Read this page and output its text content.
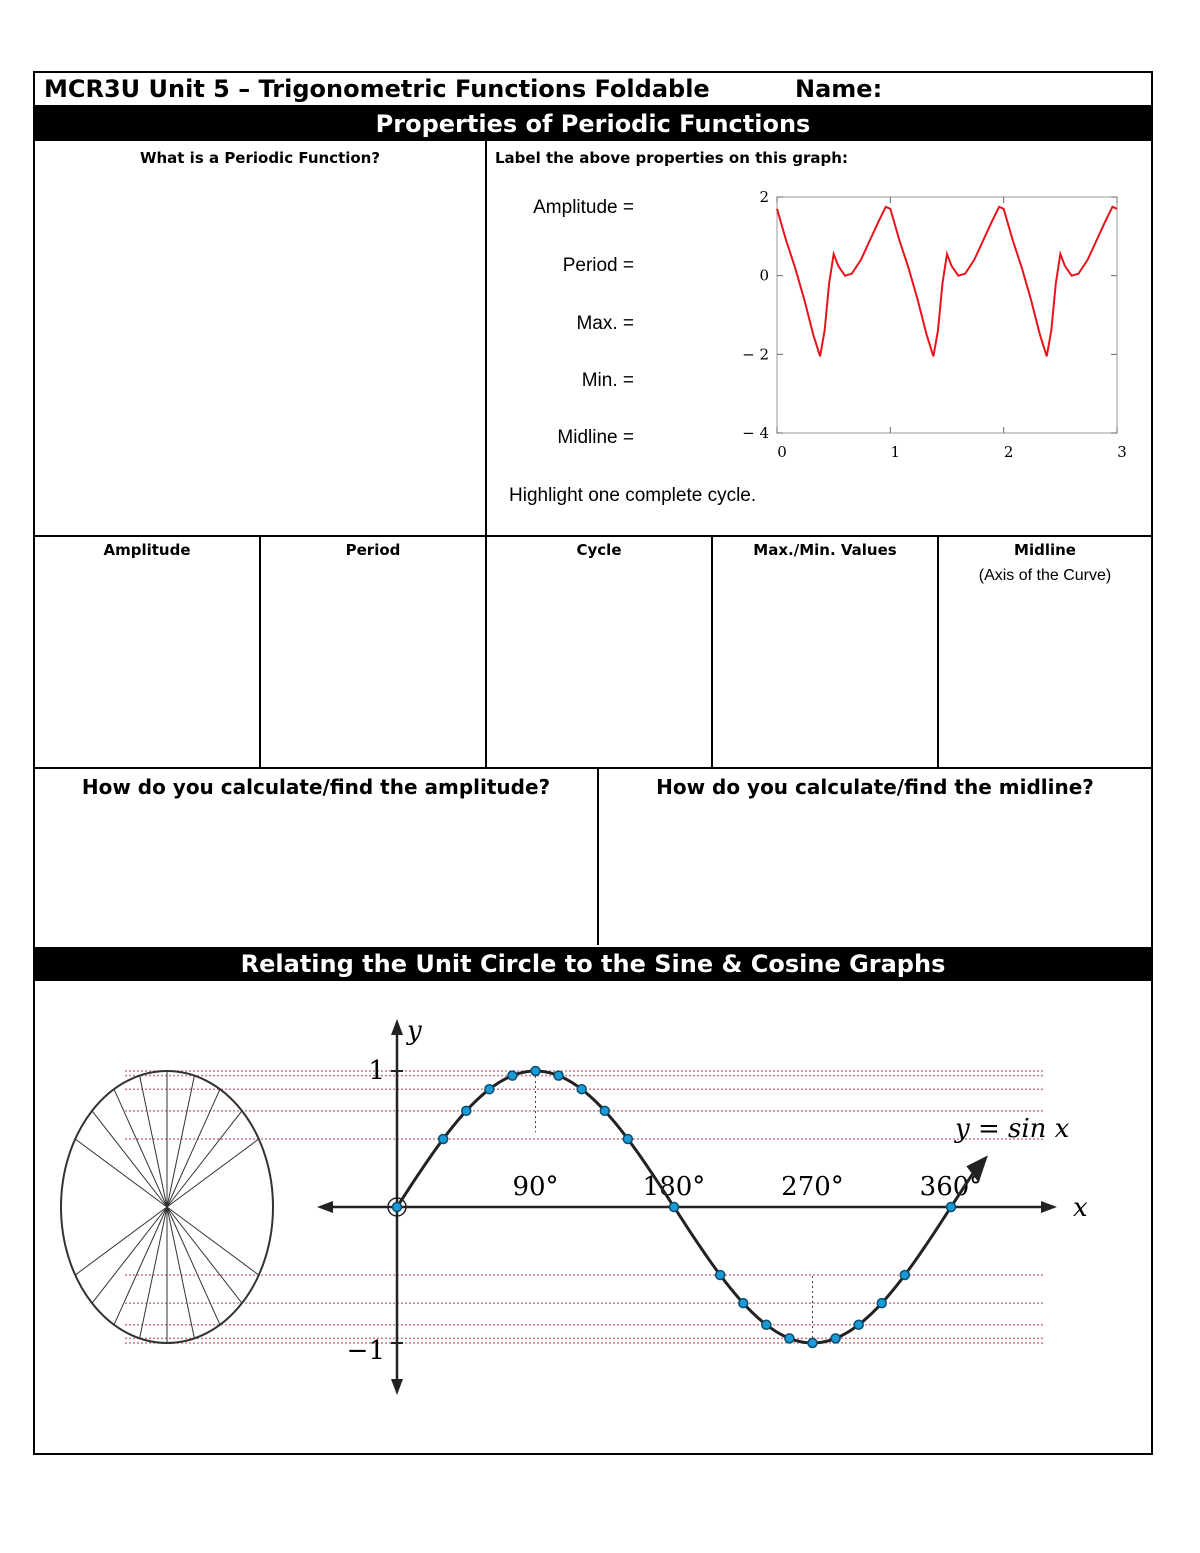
MCR3U Unit 5 – Trigonometric Functions Foldable	Name:
Properties of Periodic Functions
What is a Periodic Function?	Label the above properties on this graph:
Amplitude =
Period =
Max. =
Min. =
Midline =
Highlight one complete cycle.
2
0
− 2
− 4
0	1	2	3
Amplitude	Period	Cycle	Max./Min. Values	Midline
(Axis of the Curve)
How do you calculate/find the amplitude?	How do you calculate/find the midline?
Relating the Unit Circle to the Sine & Cosine Graphs
x
y
1
−1
90°	180°	270°	360°
y = sin x
